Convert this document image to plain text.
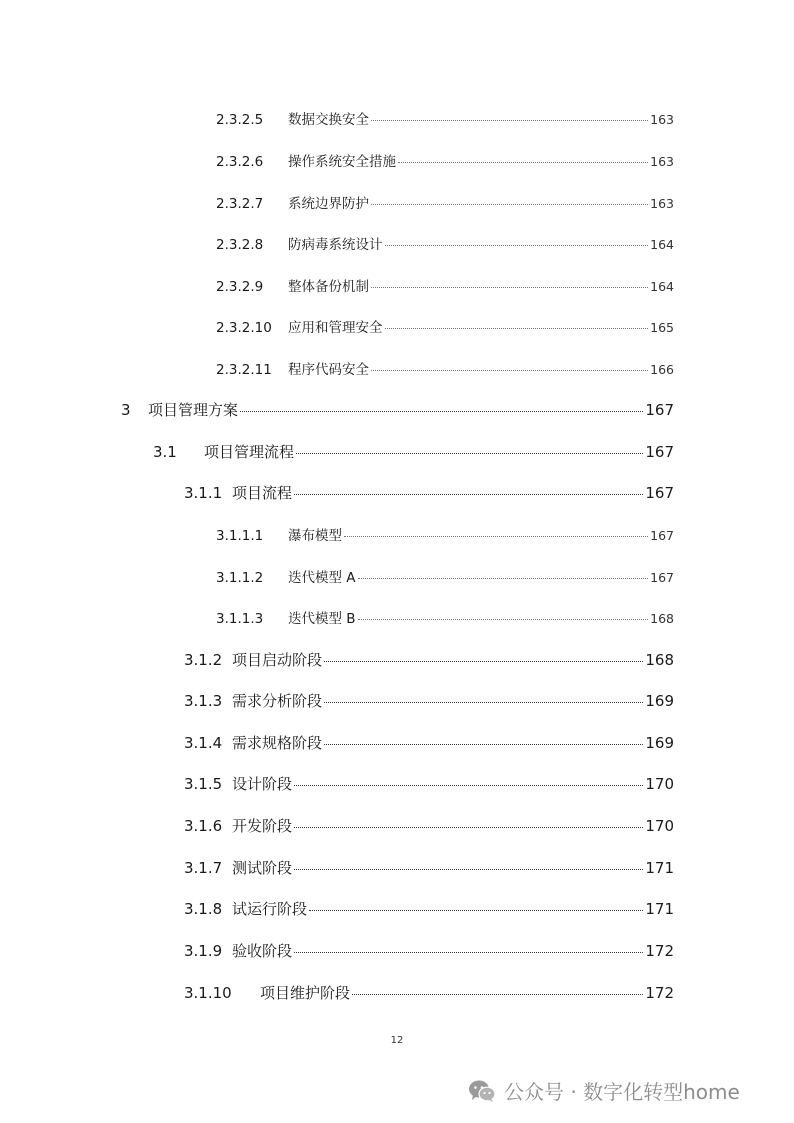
2.3.2.5	数据交换安全	163
2.3.2.6	操作系统安全措施	163
2.3.2.7	系统边界防护	163
2.3.2.8	防病毒系统设计	164
2.3.2.9	整体备份机制	164
2.3.2.10	应用和管理安全	165
2.3.2.11	程序代码安全	166
3	项目管理方案	167
3.1	项目管理流程	167
3.1.1 项目流程	167
3.1.1.1	瀑布模型	167
3.1.1.2	迭代模型 A	167
3.1.1.3	迭代模型 B	168
3.1.2 项目启动阶段	168
3.1.3 需求分析阶段	169
3.1.4 需求规格阶段	169
3.1.5 设计阶段	170
3.1.6 开发阶段	170
3.1.7 测试阶段	171
3.1.8 试运行阶段	171
3.1.9 验收阶段	172
3.1.10	项目维护阶段	172
12
公众号 · 数字化转型home
